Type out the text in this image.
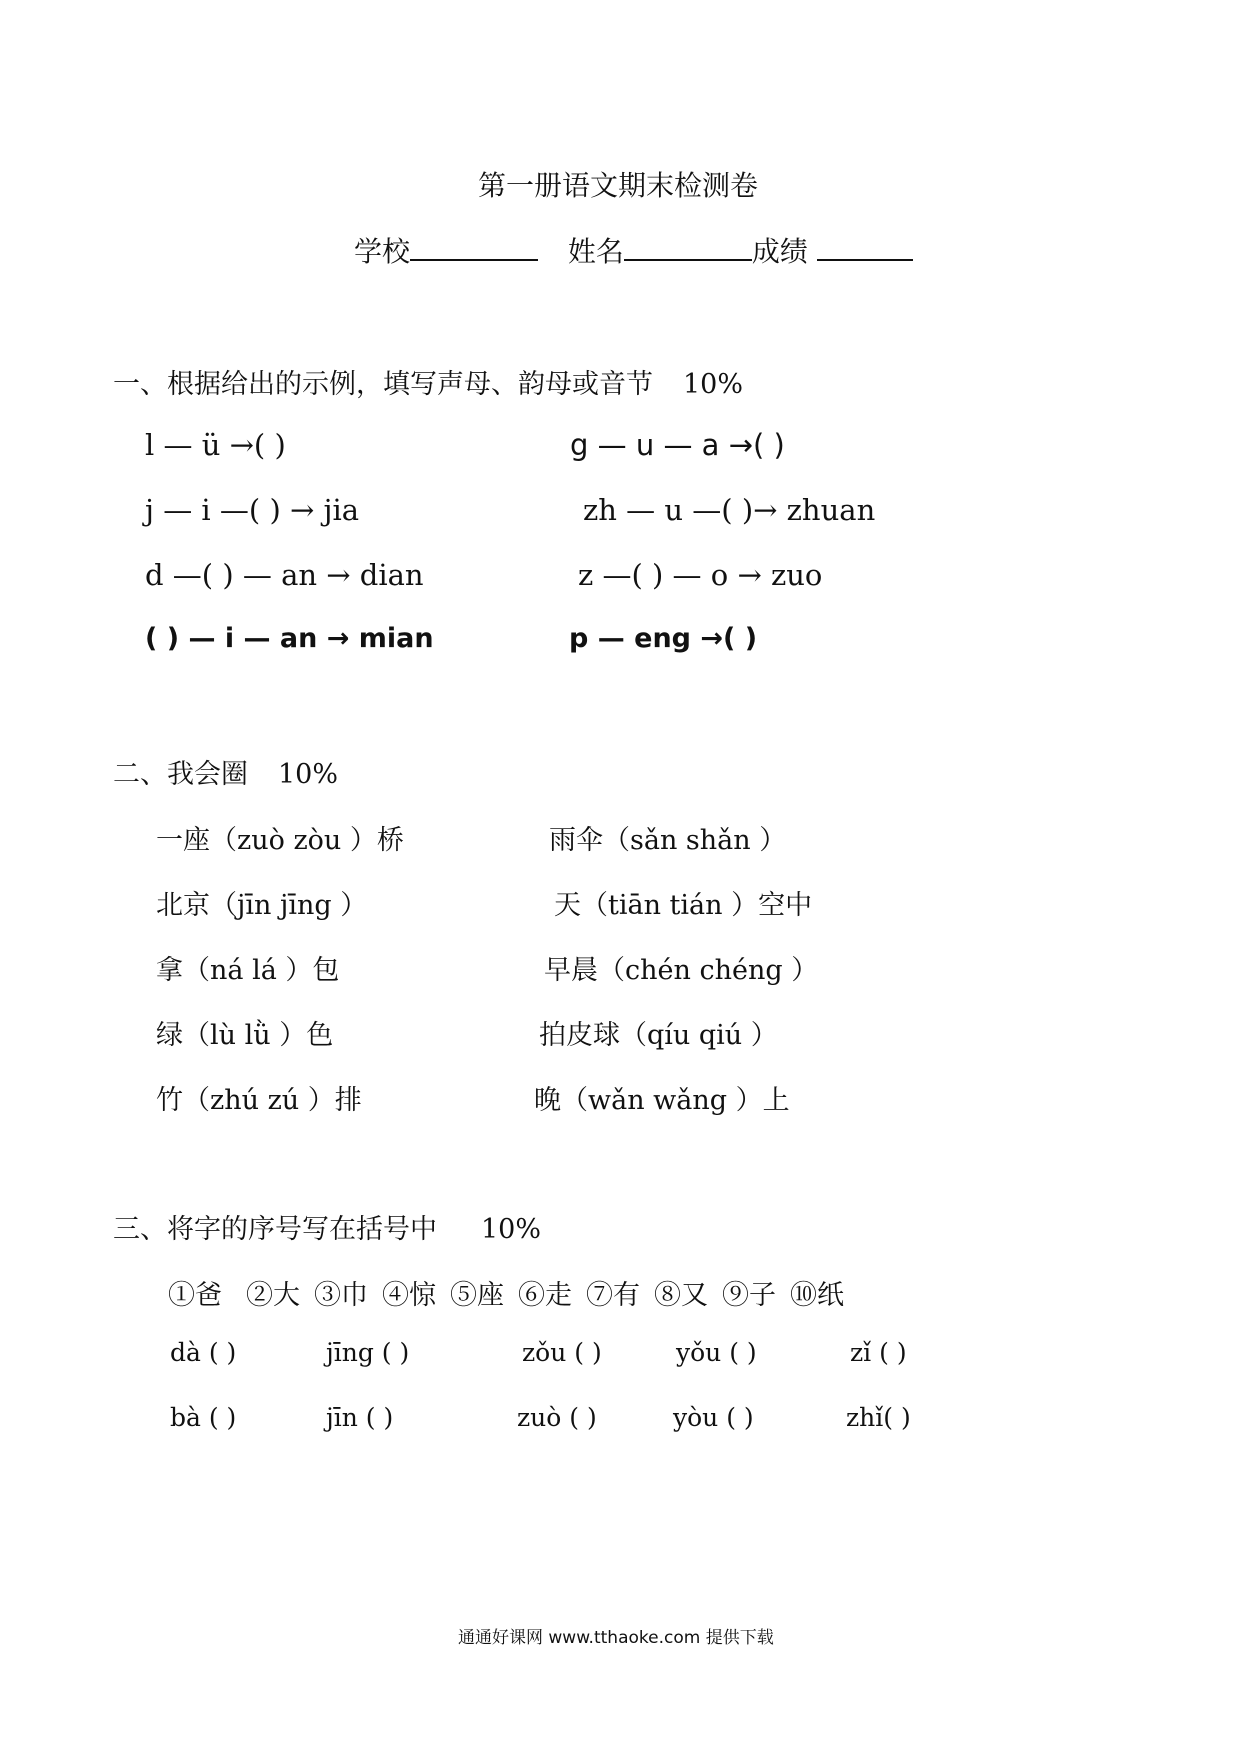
第一册语文期末检测卷
学校	姓名	成绩
一、根据给出的示例，填写声母、韵母或音节 10%
l — ü →( )	g — u — a →( )
j — i —( ) → jia	zh — u —( )→ zhuan
d —( ) — an → dian	z —( ) — o → zuo
( ) — i — an → mian	p — eng →( )
二、我会圈 10%
一座（zuò zòu ）桥	雨伞（sǎn shǎn ）
北京（jīn jīng ）	天（tiān tián ）空中
拿（ná lá ）包	早晨（chén chéng ）
绿（lù lǜ ）色	拍皮球（qíu qiú ）
竹（zhú zú ）排	晚（wǎn wǎng ）上
三、将字的序号写在括号中 10%
①爸 ②大 ③巾 ④惊 ⑤座 ⑥走 ⑦有 ⑧又 ⑨子 ⑩纸
dà ( )	jīng ( )	zǒu ( )	yǒu ( )	zǐ ( )
bà ( )	jīn ( )	zuò ( )	yòu ( )	zhǐ( )
通通好课网 www.tthaoke.com 提供下载
